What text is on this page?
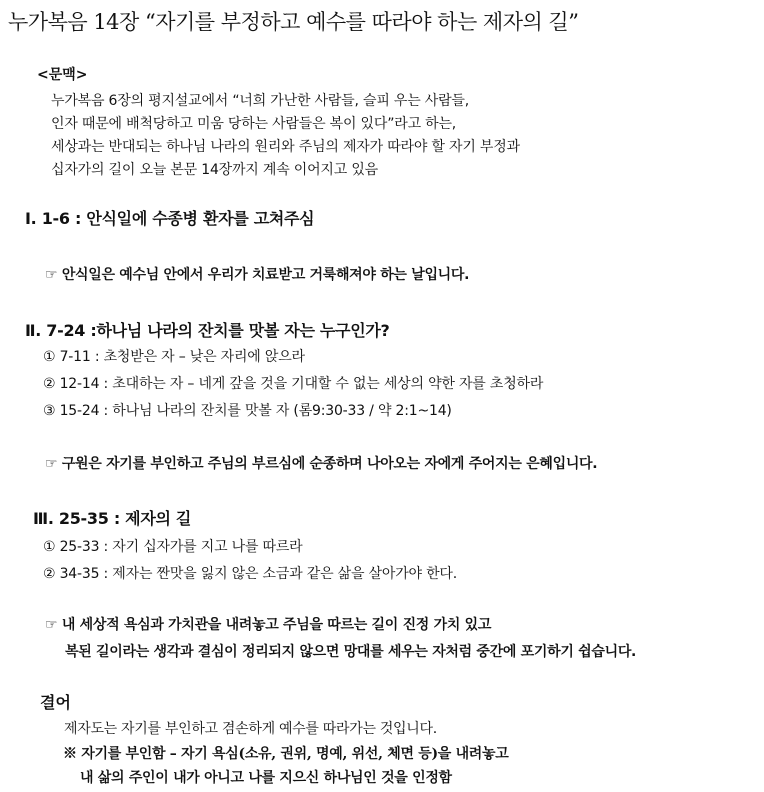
누가복음 14장 “자기를 부정하고 예수를 따라야 하는 제자의 길”
<문맥>
누가복음 6장의 평지설교에서 “너희 가난한 사람들, 슬피 우는 사람들,
인자 때문에 배척당하고 미움 당하는 사람들은 복이 있다”라고 하는,
세상과는 반대되는 하나님 나라의 원리와 주님의 제자가 따라야 할 자기 부정과
십자가의 길이 오늘 본문 14장까지 계속 이어지고 있음
Ⅰ. 1-6 : 안식일에 수종병 환자를 고쳐주심
☞ 안식일은 예수님 안에서 우리가 치료받고 거룩해져야 하는 날입니다.
Ⅱ. 7-24 :하나님 나라의 잔치를 맛볼 자는 누구인가?
① 7-11 : 초청받은 자 – 낮은 자리에 앉으라
② 12-14 : 초대하는 자 – 네게 갚을 것을 기대할 수 없는 세상의 약한 자를 초청하라
③ 15-24 : 하나님 나라의 잔치를 맛볼 자 (롬9:30-33 / 약 2:1~14)
☞ 구원은 자기를 부인하고 주님의 부르심에 순종하며 나아오는 자에게 주어지는 은혜입니다.
Ⅲ. 25-35 : 제자의 길
① 25-33 : 자기 십자가를 지고 나를 따르라
② 34-35 : 제자는 짠맛을 잃지 않은 소금과 같은 삶을 살아가야 한다.
☞ 내 세상적 욕심과 가치관을 내려놓고 주님을 따르는 길이 진정 가치 있고
복된 길이라는 생각과 결심이 정리되지 않으면 망대를 세우는 자처럼 중간에 포기하기 쉽습니다.
결어
제자도는 자기를 부인하고 겸손하게 예수를 따라가는 것입니다.
※ 자기를 부인함 – 자기 욕심(소유, 권위, 명예, 위선, 체면 등)을 내려놓고
내 삶의 주인이 내가 아니고 나를 지으신 하나님인 것을 인정함
